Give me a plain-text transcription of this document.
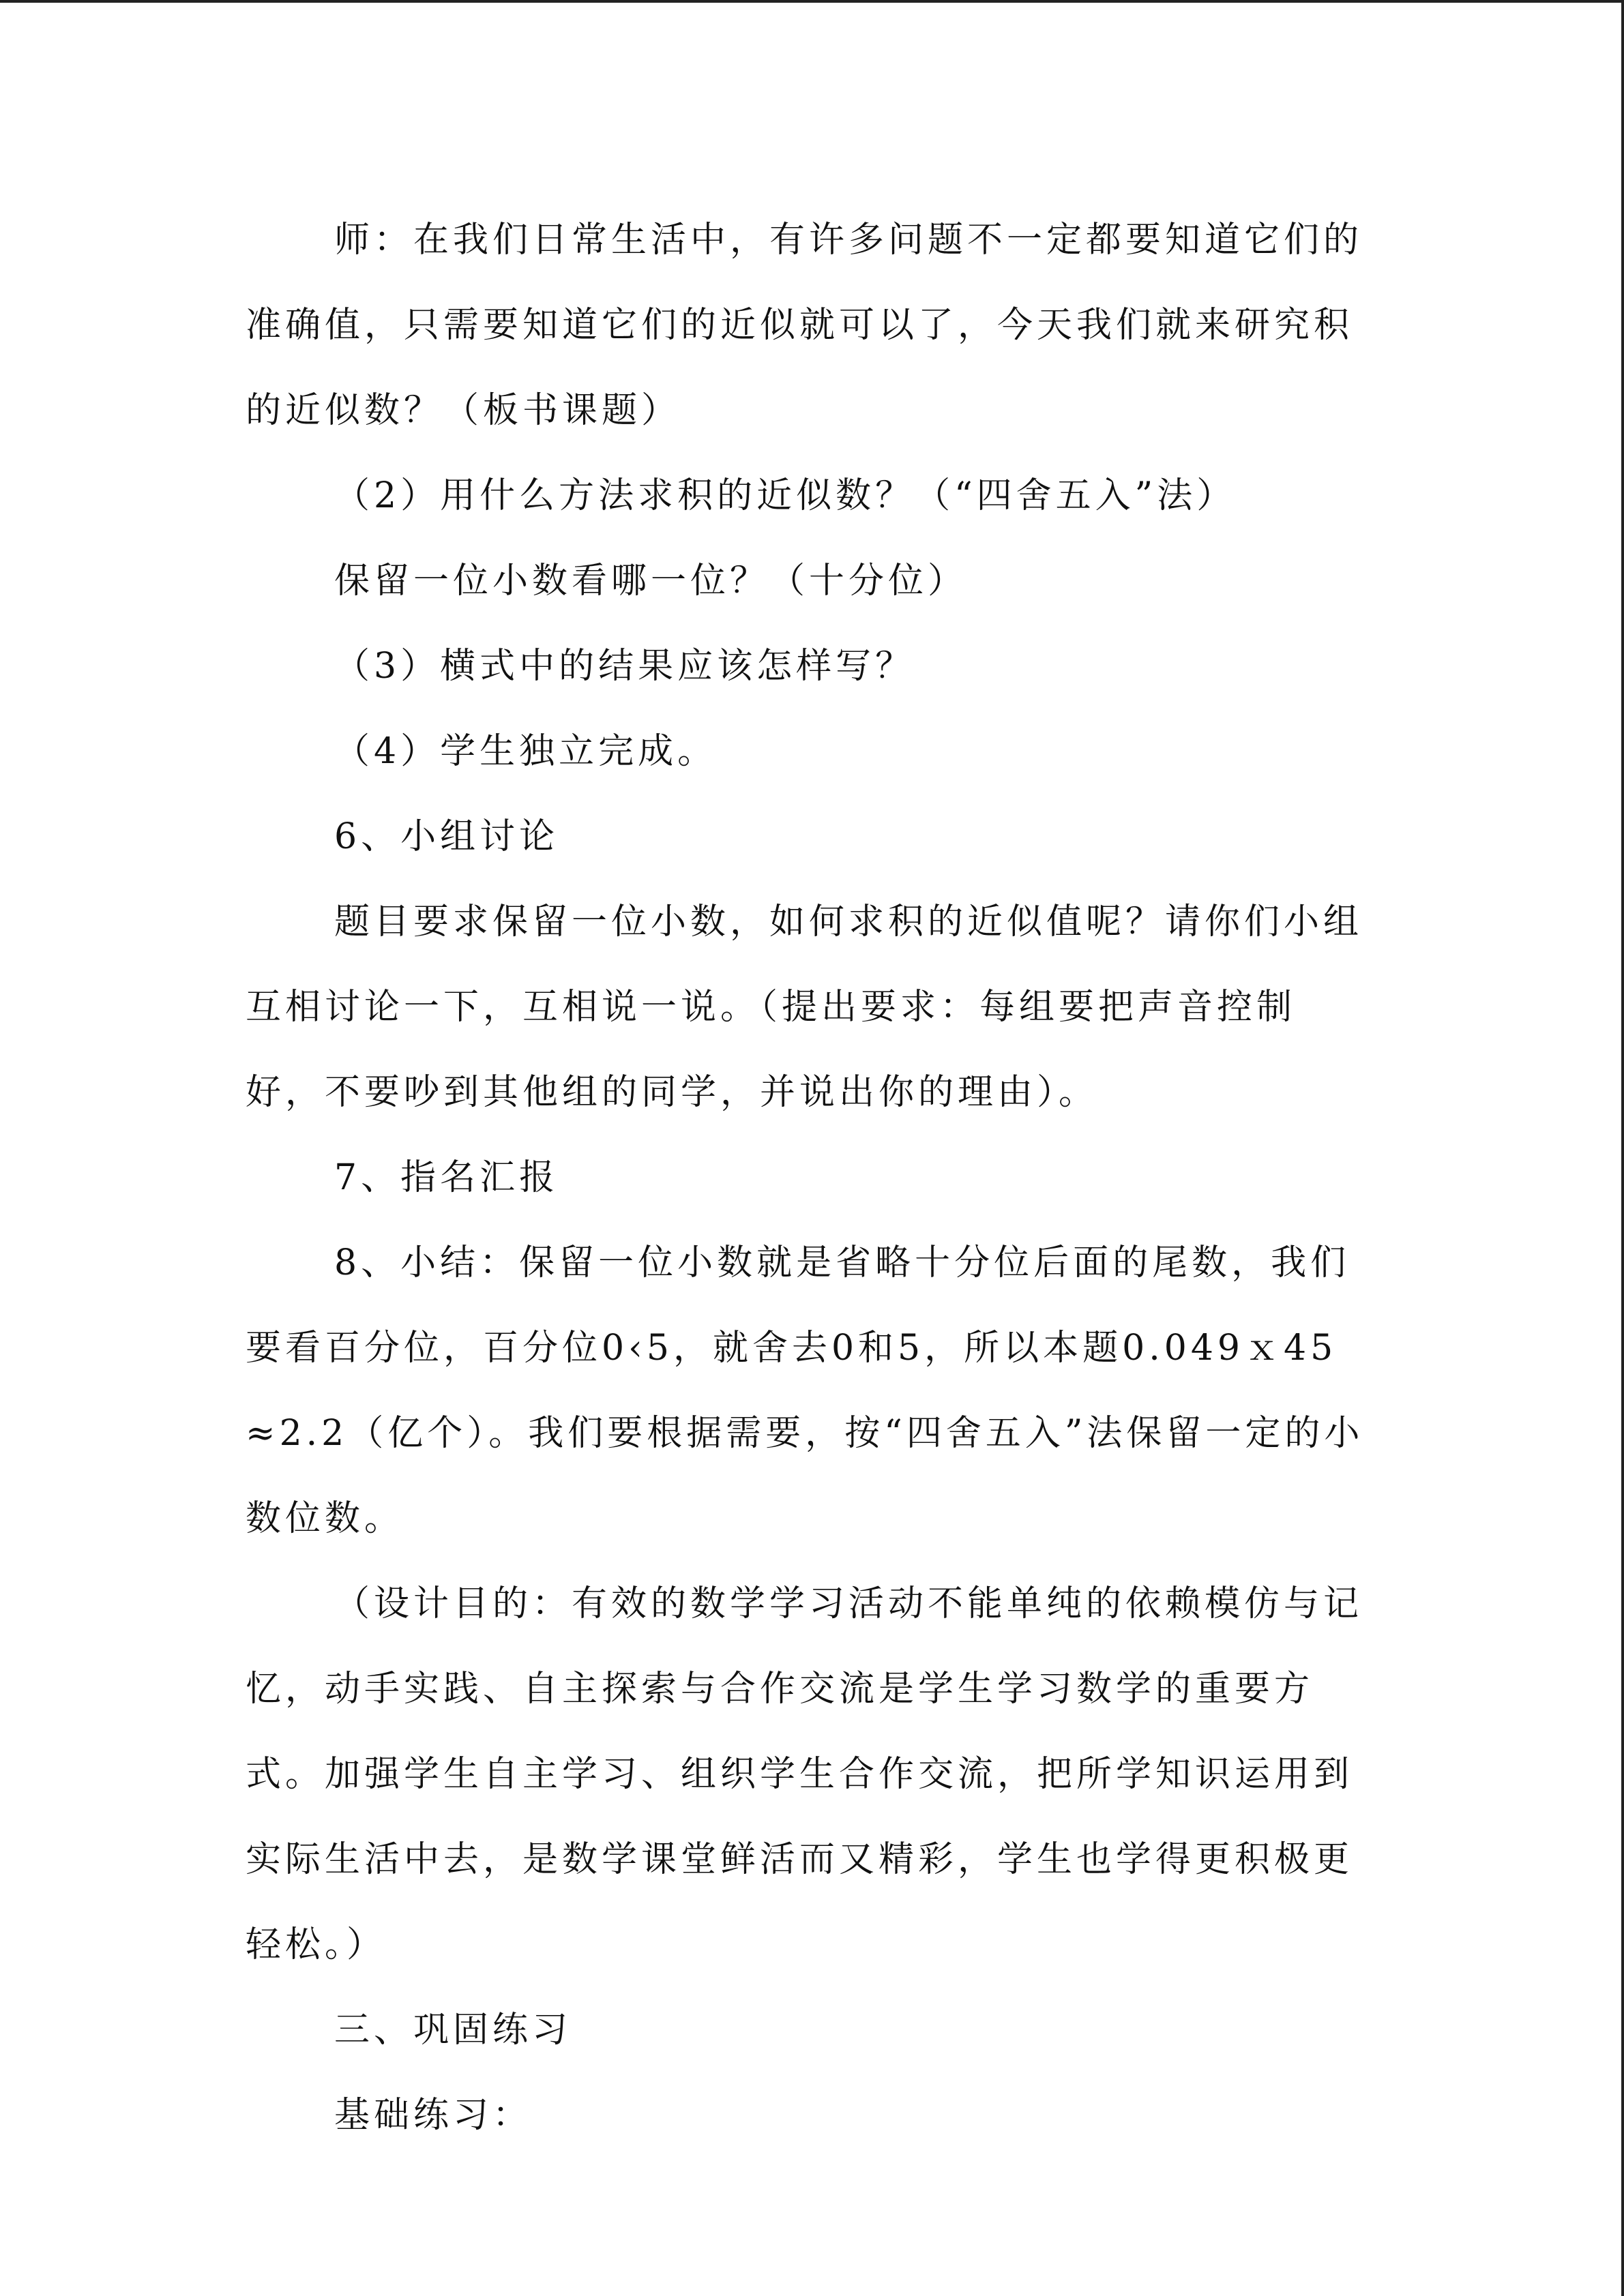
师：在我们日常生活中，有许多问题不一定都要知道它们的准确值，只需要知道它们的近似就可以了，今天我们就来研究积的近似数？（板书课题）

（2）用什么方法求积的近似数？（“四舍五入”法）

保留一位小数看哪一位？（十分位）

（3）横式中的结果应该怎样写？

（4）学生独立完成。

6、小组讨论

题目要求保留一位小数，如何求积的近似值呢？请你们小组互相讨论一下，互相说一说。（提出要求：每组要把声音控制好，不要吵到其他组的同学，并说出你的理由）。

7、指名汇报

8、小结：保留一位小数就是省略十分位后面的尾数，我们要看百分位，百分位0‹5，就舍去0和5，所以本题0.049ｘ45≈2.2（亿个）。我们要根据需要，按“四舍五入”法保留一定的小数位数。

（设计目的：有效的数学学习活动不能单纯的依赖模仿与记忆，动手实践、自主探索与合作交流是学生学习数学的重要方式。加强学生自主学习、组织学生合作交流，把所学知识运用到实际生活中去，是数学课堂鲜活而又精彩，学生也学得更积极更轻松。）

三、巩固练习

基础练习：
